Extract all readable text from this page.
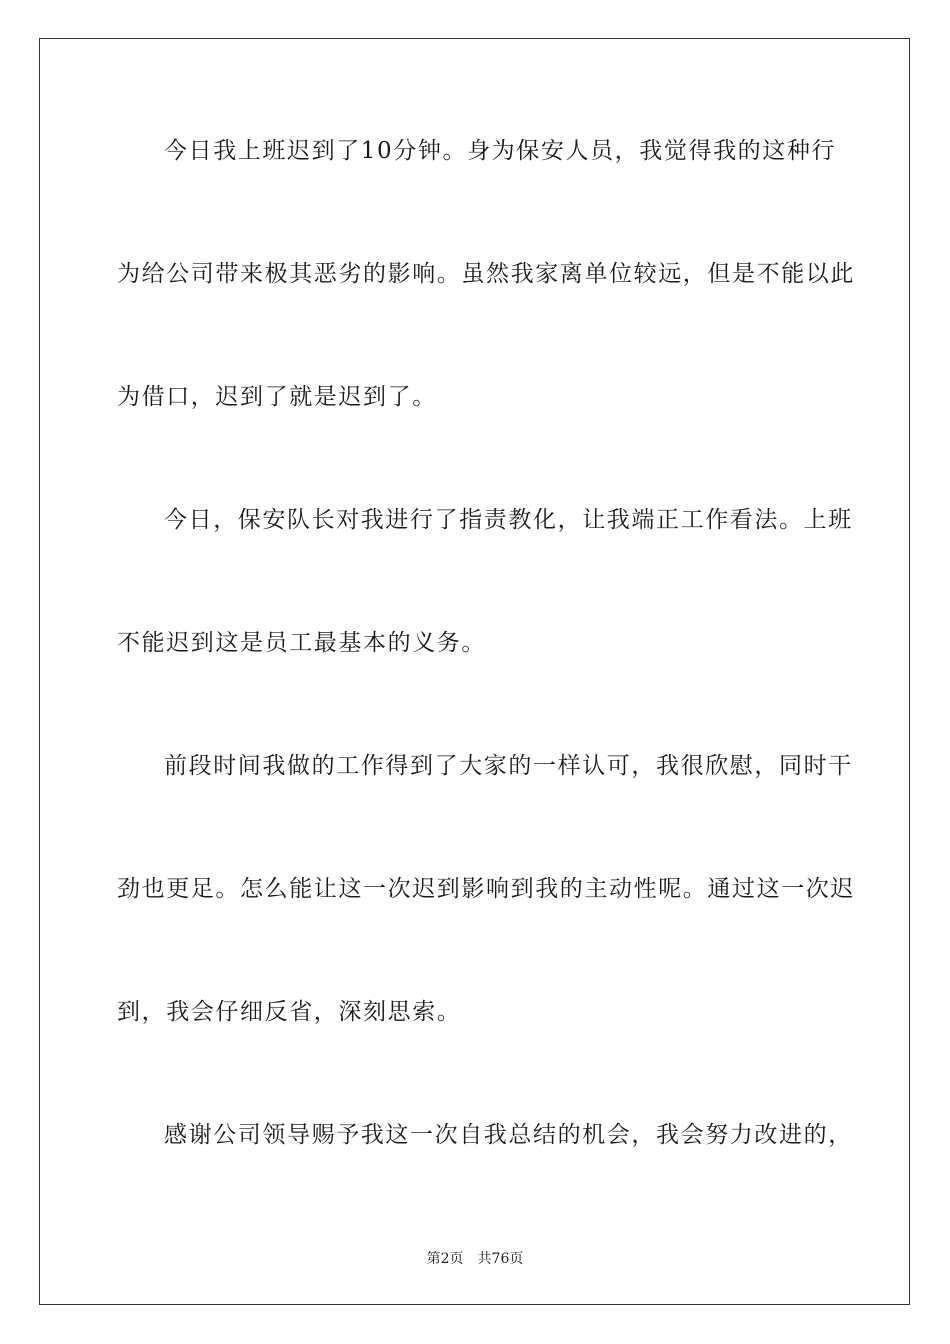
今日我上班迟到了10分钟。身为保安人员，我觉得我的这种行
为给公司带来极其恶劣的影响。虽然我家离单位较远，但是不能以此
为借口，迟到了就是迟到了。
今日，保安队长对我进行了指责教化，让我端正工作看法。上班
不能迟到这是员工最基本的义务。
前段时间我做的工作得到了大家的一样认可，我很欣慰，同时干
劲也更足。怎么能让这一次迟到影响到我的主动性呢。通过这一次迟
到，我会仔细反省，深刻思索。
感谢公司领导赐予我这一次自我总结的机会，我会努力改进的，
第2页 共76页
